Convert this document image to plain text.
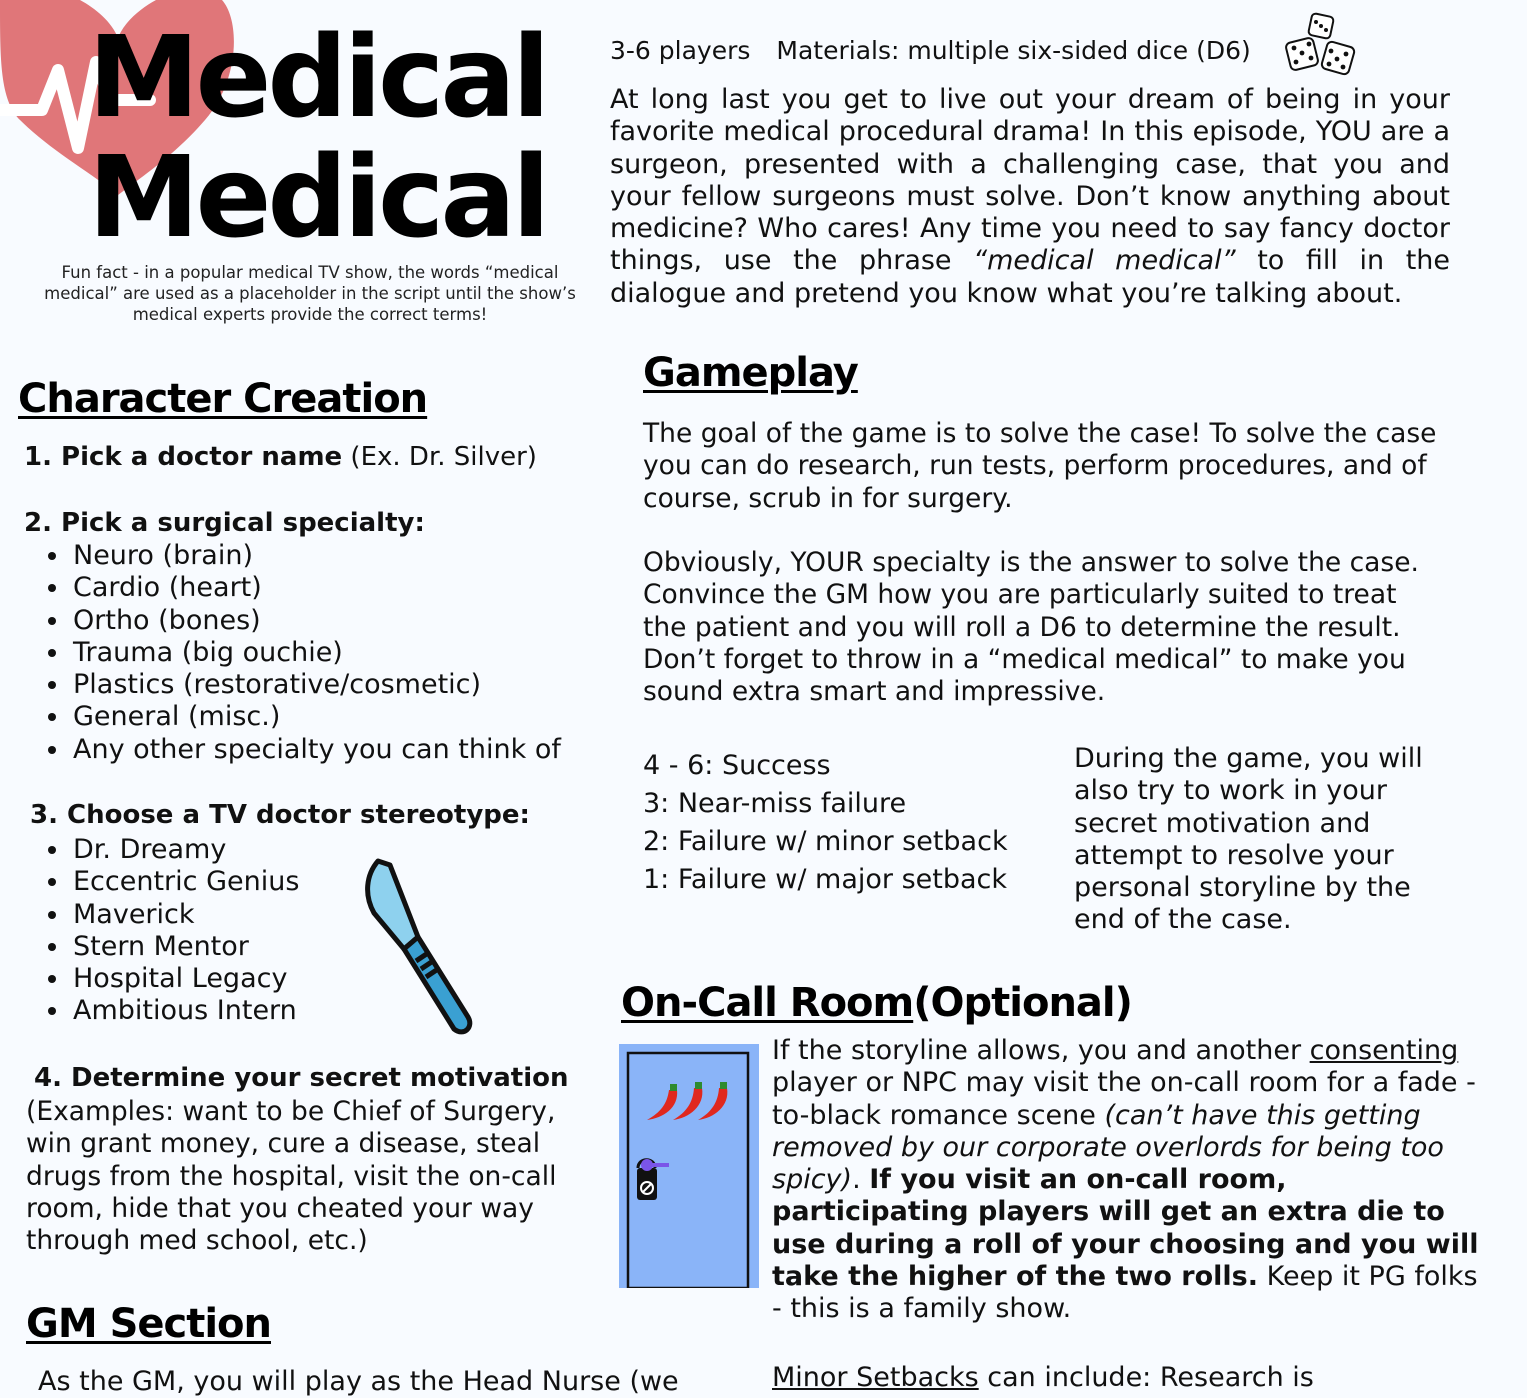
Medical
Medical
Fun fact - in a popular medical TV show, the words “medical medical” are used as a placeholder in the script until the show’s medical experts provide the correct terms!
3-6 players Materials: multiple six-sided dice (D6)
At long last you get to live out your dream of being in your favorite medical procedural drama! In this episode, YOU are a surgeon, presented with a challenging case, that you and your fellow surgeons must solve. Don’t know anything about medicine? Who cares! Any time you need to say fancy doctor things, use the phrase “medical medical” to fill in the dialogue and pretend you know what you’re talking about.
Character Creation
1. Pick a doctor name (Ex. Dr. Silver)
2. Pick a surgical specialty:
• Neuro (brain)
• Cardio (heart)
• Ortho (bones)
• Trauma (big ouchie)
• Plastics (restorative/cosmetic)
• General (misc.)
• Any other specialty you can think of
3. Choose a TV doctor stereotype:
• Dr. Dreamy
• Eccentric Genius
• Maverick
• Stern Mentor
• Hospital Legacy
• Ambitious Intern
4. Determine your secret motivation
(Examples: want to be Chief of Surgery, win grant money, cure a disease, steal drugs from the hospital, visit the on-call room, hide that you cheated your way through med school, etc.)
Gameplay
The goal of the game is to solve the case! To solve the case you can do research, run tests, perform procedures, and of course, scrub in for surgery.
Obviously, YOUR specialty is the answer to solve the case. Convince the GM how you are particularly suited to treat the patient and you will roll a D6 to determine the result. Don’t forget to throw in a “medical medical” to make you sound extra smart and impressive.
4 - 6: Success
3: Near-miss failure
2: Failure w/ minor setback
1: Failure w/ major setback
During the game, you will also try to work in your secret motivation and attempt to resolve your personal storyline by the end of the case.
On-Call Room(Optional)
If the storyline allows, you and another consenting player or NPC may visit the on-call room for a fade -to-black romance scene (can’t have this getting removed by our corporate overlords for being too spicy). If you visit an on-call room, participating players will get an extra die to use during a roll of your choosing and you will take the higher of the two rolls. Keep it PG folks - this is a family show.
GM Section
As the GM, you will play as the Head Nurse (we	Minor Setbacks can include: Research is
